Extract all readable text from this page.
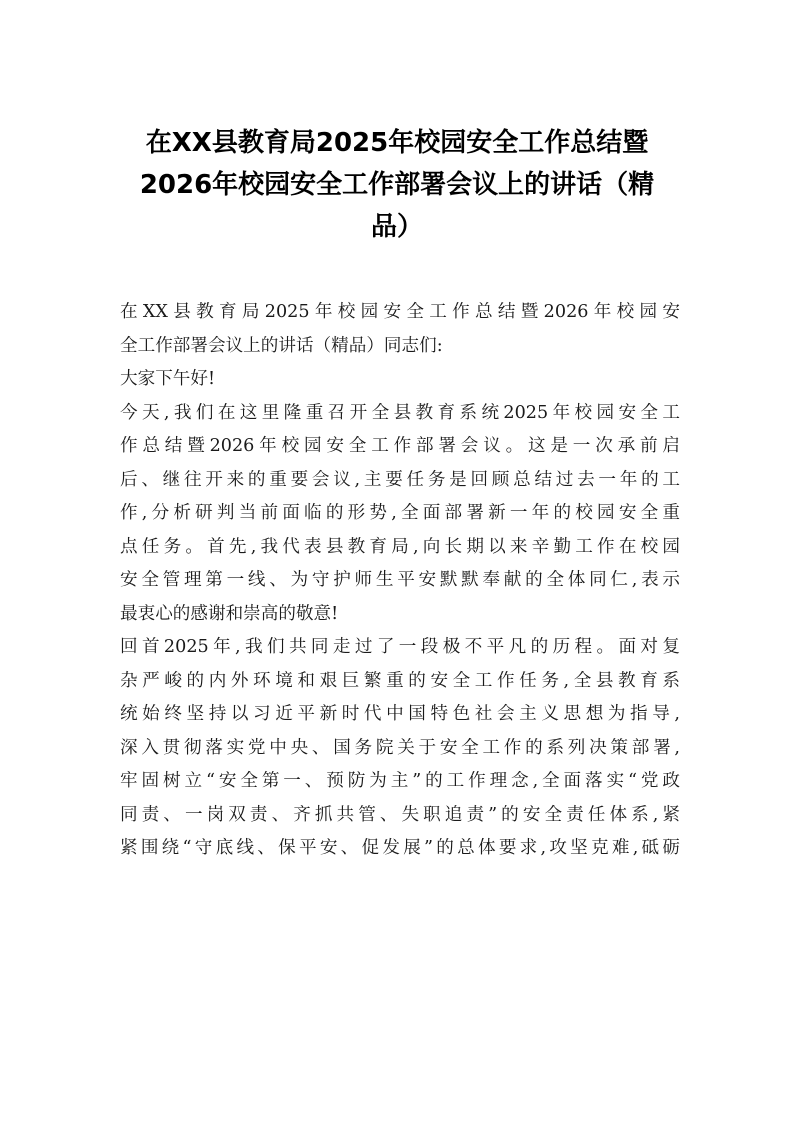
在XX县教育局2025年校园安全工作总结暨
2026年校园安全工作部署会议上的讲话（精
品）
在XX县教育局2025年校园安全工作总结暨2026年校园安
全工作部署会议上的讲话（精品）同志们:
大家下午好!
今天,我们在这里隆重召开全县教育系统2025年校园安全工
作总结暨2026年校园安全工作部署会议。这是一次承前启
后、继往开来的重要会议,主要任务是回顾总结过去一年的工
作,分析研判当前面临的形势,全面部署新一年的校园安全重
点任务。首先,我代表县教育局,向长期以来辛勤工作在校园
安全管理第一线、为守护师生平安默默奉献的全体同仁,表示
最衷心的感谢和崇高的敬意!
回首2025年,我们共同走过了一段极不平凡的历程。面对复
杂严峻的内外环境和艰巨繁重的安全工作任务,全县教育系
统始终坚持以习近平新时代中国特色社会主义思想为指导,
深入贯彻落实党中央、国务院关于安全工作的系列决策部署,
牢固树立“安全第一、预防为主”的工作理念,全面落实“党政
同责、一岗双责、齐抓共管、失职追责”的安全责任体系,紧
紧围绕“守底线、保平安、促发展”的总体要求,攻坚克难,砥砺
